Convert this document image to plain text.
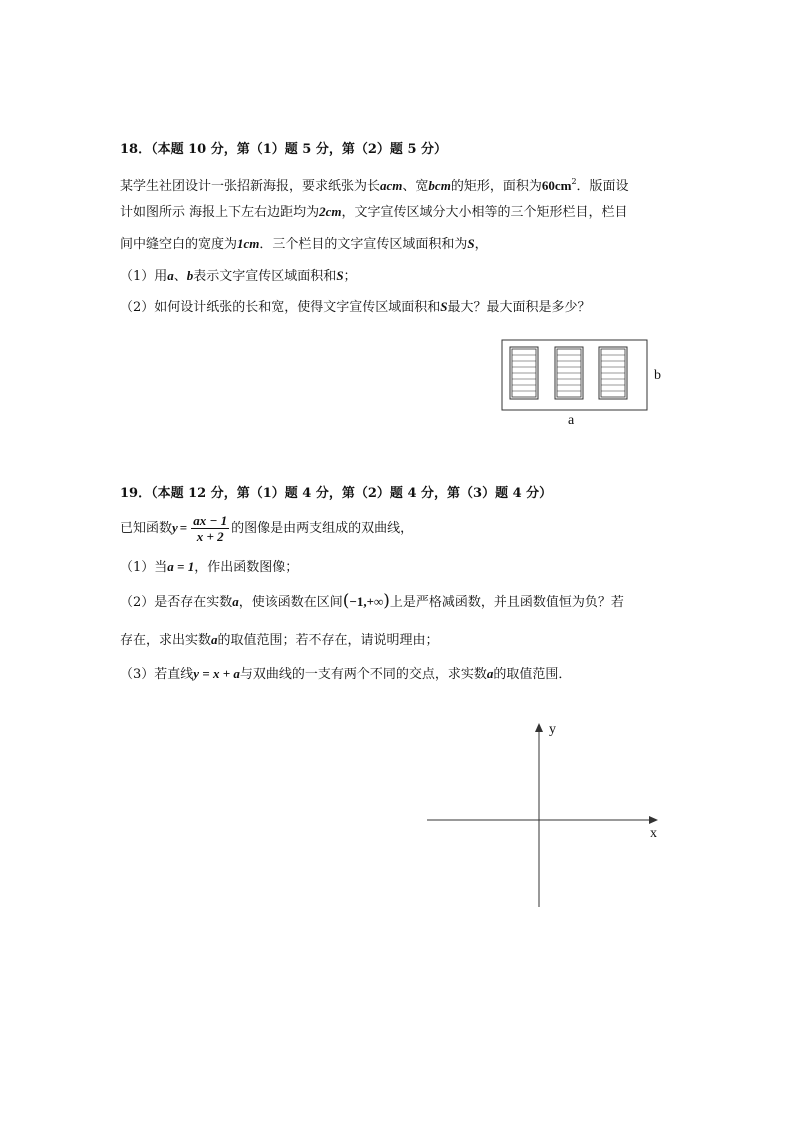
18．（本题 10 分，第（1）题 5 分，第（2）题 5 分）
某学生社团设计一张招新海报，要求纸张为长acm、宽bcm的矩形，面积为$60cm^2$．版面设
计如图所示 海报上下左右边距均为2cm，文字宣传区域分大小相等的三个矩形栏目，栏目
间中缝空白的宽度为1cm．三个栏目的文字宣传区域面积和为S，
（1）用a、b表示文字宣传区域面积和S；
（2）如何设计纸张的长和宽，使得文字宣传区域面积和S最大？最大面积是多少？
b
a
19．（本题 12 分，第（1）题 4 分，第（2）题 4 分，第（3）题 4 分）
已知函数$y = \frac{ax - 1}{x + 2}$ 的图像是由两支组成的双曲线，
（1）当a = 1，作出函数图像；
（2）是否存在实数a，使该函数在区间(−1,+∞)上是严格减函数，并且函数值恒为负？若
存在，求出实数a的取值范围；若不存在，请说明理由；
（3）若直线y = x + a与双曲线的一支有两个不同的交点，求实数a的取值范围．
y
x
